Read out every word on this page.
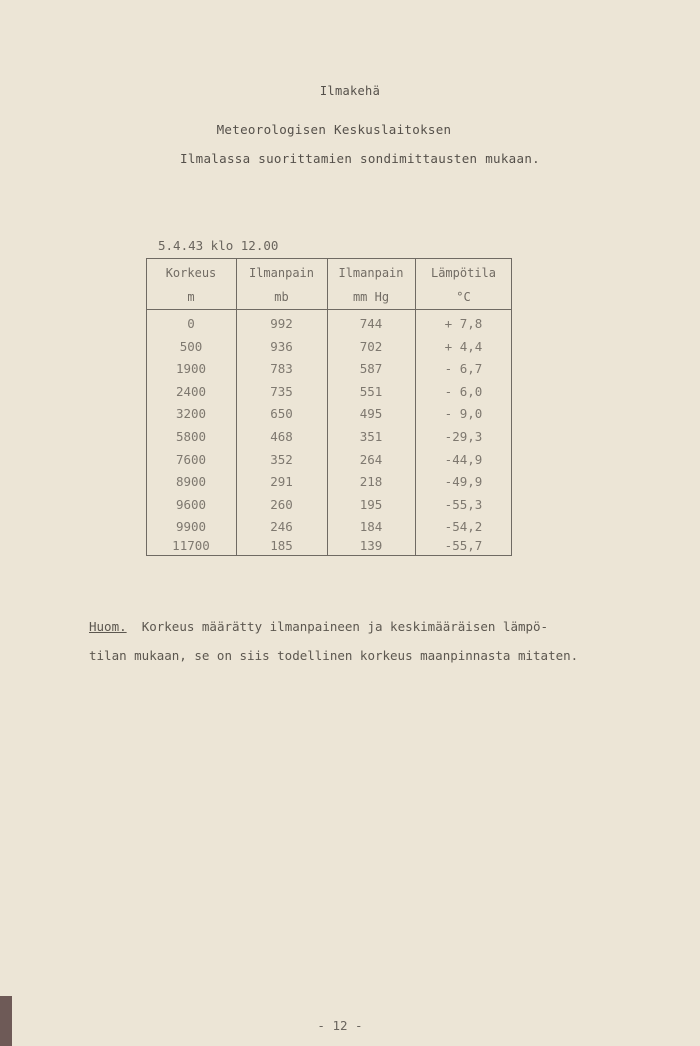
Ilmakehä
Meteorologisen Keskuslaitoksen
Ilmalassa suorittamien sondimittausten mukaan.
5.4.43 klo 12.00
Korkeus	Ilmanpain	Ilmanpain	Lämpötila
m	mb	mm Hg	°C
0	992	744	+ 7,8
500	936	702	+ 4,4
1900	783	587	- 6,7
2400	735	551	- 6,0
3200	650	495	- 9,0
5800	468	351	-29,3
7600	352	264	-44,9
8900	291	218	-49,9
9600	260	195	-55,3
9900	246	184	-54,2
11700	185	139	-55,7
Huom. Korkeus määrätty ilmanpaineen ja keskimääräisen lämpö-
tilan mukaan, se on siis todellinen korkeus maanpinnasta mitaten.
- 12 -
